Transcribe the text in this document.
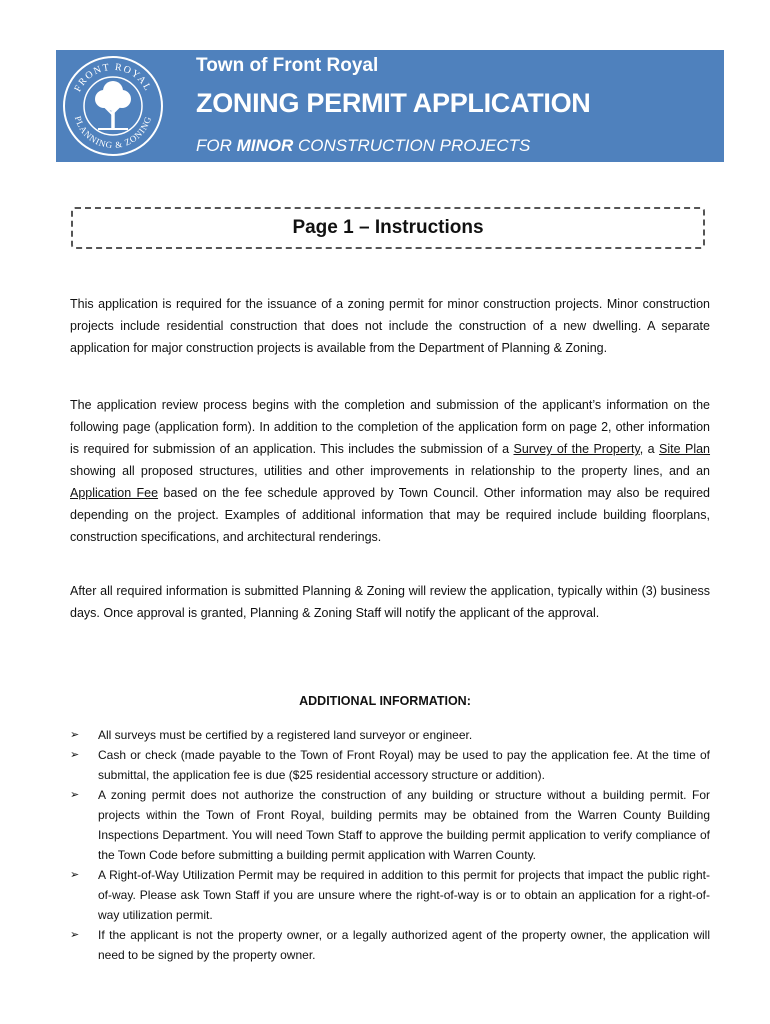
Town of Front Royal
ZONING PERMIT APPLICATION
FOR MINOR CONSTRUCTION PROJECTS
FRONT ROYAL
PLANNING & ZONING
Page 1 – Instructions

This application is required for the issuance of a zoning permit for minor construction projects. Minor construction projects include residential construction that does not include the construction of a new dwelling. A separate application for major construction projects is available from the Department of Planning & Zoning.

The application review process begins with the completion and submission of the applicant’s information on the following page (application form). In addition to the completion of the application form on page 2, other information is required for submission of an application. This includes the submission of a Survey of the Property, a Site Plan showing all proposed structures, utilities and other improvements in relationship to the property lines, and an Application Fee based on the fee schedule approved by Town Council. Other information may also be required depending on the project. Examples of additional information that may be required include building floorplans, construction specifications, and architectural renderings.

After all required information is submitted Planning & Zoning will review the application, typically within (3) business days. Once approval is granted, Planning & Zoning Staff will notify the applicant of the approval.

ADDITIONAL INFORMATION:
➢ All surveys must be certified by a registered land surveyor or engineer.
➢ Cash or check (made payable to the Town of Front Royal) may be used to pay the application fee. At the time of submittal, the application fee is due ($25 residential accessory structure or addition).
➢ A zoning permit does not authorize the construction of any building or structure without a building permit. For projects within the Town of Front Royal, building permits may be obtained from the Warren County Building Inspections Department. You will need Town Staff to approve the building permit application to verify compliance of the Town Code before submitting a building permit application with Warren County.
➢ A Right-of-Way Utilization Permit may be required in addition to this permit for projects that impact the public right-of-way. Please ask Town Staff if you are unsure where the right-of-way is or to obtain an application for a right-of-way utilization permit.
➢ If the applicant is not the property owner, or a legally authorized agent of the property owner, the application will need to be signed by the property owner.
